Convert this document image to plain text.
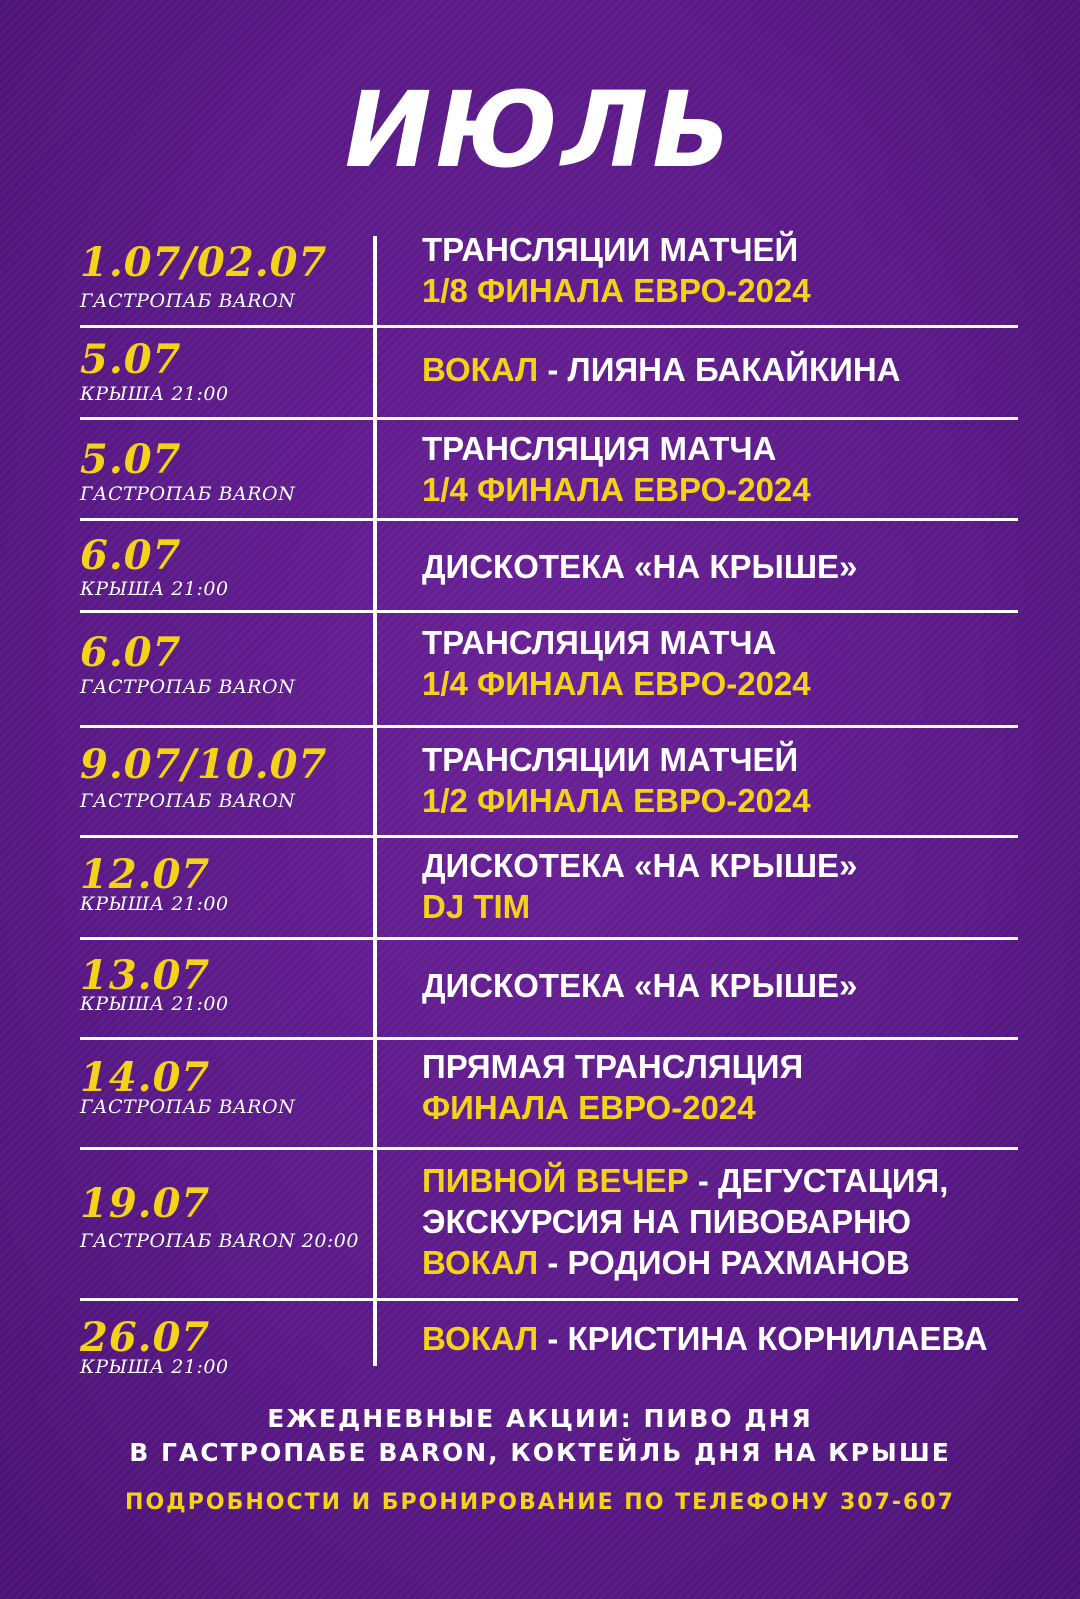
ИЮЛЬ
1.07/02.07
ГАСТРОПАБ BARON
ТРАНСЛЯЦИИ МАТЧЕЙ
1/8 ФИНАЛА ЕВРО-2024
5.07
КРЫША 21:00
ВОКАЛ - ЛИЯНА БАКАЙКИНА
5.07
ГАСТРОПАБ BARON
ТРАНСЛЯЦИЯ МАТЧА
1/4 ФИНАЛА ЕВРО-2024
6.07
КРЫША 21:00
ДИСКОТЕКА «НА КРЫШЕ»
6.07
ГАСТРОПАБ BARON
ТРАНСЛЯЦИЯ МАТЧА
1/4 ФИНАЛА ЕВРО-2024
9.07/10.07
ГАСТРОПАБ BARON
ТРАНСЛЯЦИИ МАТЧЕЙ
1/2 ФИНАЛА ЕВРО-2024
12.07
КРЫША 21:00
ДИСКОТЕКА «НА КРЫШЕ»
DJ TIM
13.07
КРЫША 21:00	ДИСКОТЕКА «НА КРЫШЕ»
14.07
ГАСТРОПАБ BARON
ПРЯМАЯ ТРАНСЛЯЦИЯ
ФИНАЛА ЕВРО-2024
19.07
ГАСТРОПАБ BARON 20:00
ПИВНОЙ ВЕЧЕР - ДЕГУСТАЦИЯ,
ЭКСКУРСИЯ НА ПИВОВАРНЮ
ВОКАЛ - РОДИОН РАХМАНОВ
26.07
КРЫША 21:00
ВОКАЛ - КРИСТИНА КОРНИЛАЕВА
ЕЖЕДНЕВНЫЕ АКЦИИ: ПИВО ДНЯ
В ГАСТРОПАБЕ BARON, КОКТЕЙЛЬ ДНЯ НА КРЫШЕ
ПОДРОБНОСТИ И БРОНИРОВАНИЕ ПО ТЕЛЕФОНУ 307-607
